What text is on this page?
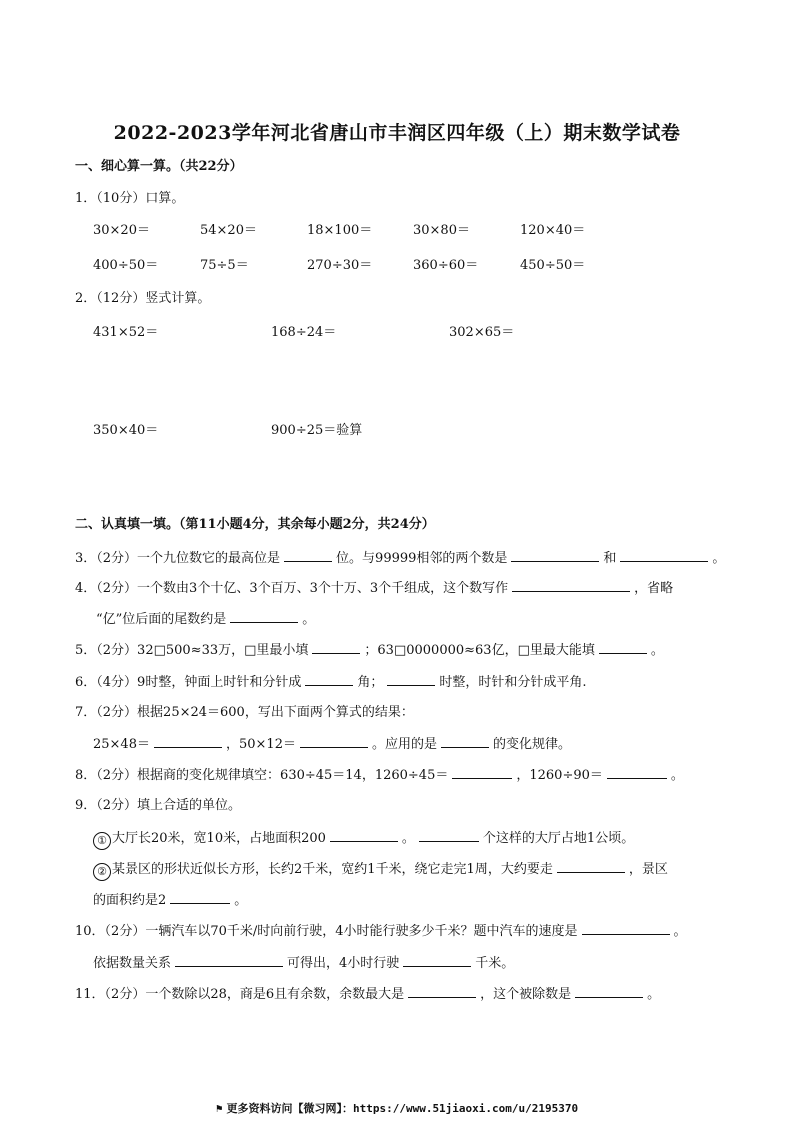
2022-2023学年河北省唐山市丰润区四年级（上）期末数学试卷
一、细心算一算。（共22分）
1．（10分）口算。
30×20＝	54×20＝	18×100＝	30×80＝	120×40＝
400÷50＝	75÷5＝	270÷30＝	360÷60＝	450÷50＝
2．（12分）竖式计算。
431×52＝	168÷24＝	302×65＝
350×40＝	900÷25＝验算
二、认真填一填。（第11小题4分，其余每小题2分，共24分）
3．（2分）一个九位数它的最高位是	位。与99999相邻的两个数是	和	。
4．（2分）一个数由3个十亿、3个百万、3个十万、3个千组成，这个数写作	，省略
“亿”位后面的尾数约是	。
5．（2分）32□500≈33万，□里最小填	；63□0000000≈63亿，□里最大能填	。
6．（4分）9时整，钟面上时针和分针成	角；	时整，时针和分针成平角.
7．（2分）根据25×24＝600，写出下面两个算式的结果：
25×48＝	，50×12＝	。应用的是	的变化规律。
8．（2分）根据商的变化规律填空：630÷45＝14，1260÷45＝	，1260÷90＝	。
9．（2分）填上合适的单位。
① 大厅长20米，宽10米，占地面积200	。	个这样的大厅占地1公顷。
② 某景区的形状近似长方形，长约2千米，宽约1千米，绕它走完1周，大约要走	，景区
的面积约是2	。
10．（2分）一辆汽车以70千米/时向前行驶，4小时能行驶多少千米？题中汽车的速度是	。
依据数量关系	可得出，4小时行驶	千米。
11．（2分）一个数除以28，商是6且有余数，余数最大是	，这个被除数是	。
⚑ 更多资料访问【微习网】：https://www.51jiaoxi.com/u/2195370
